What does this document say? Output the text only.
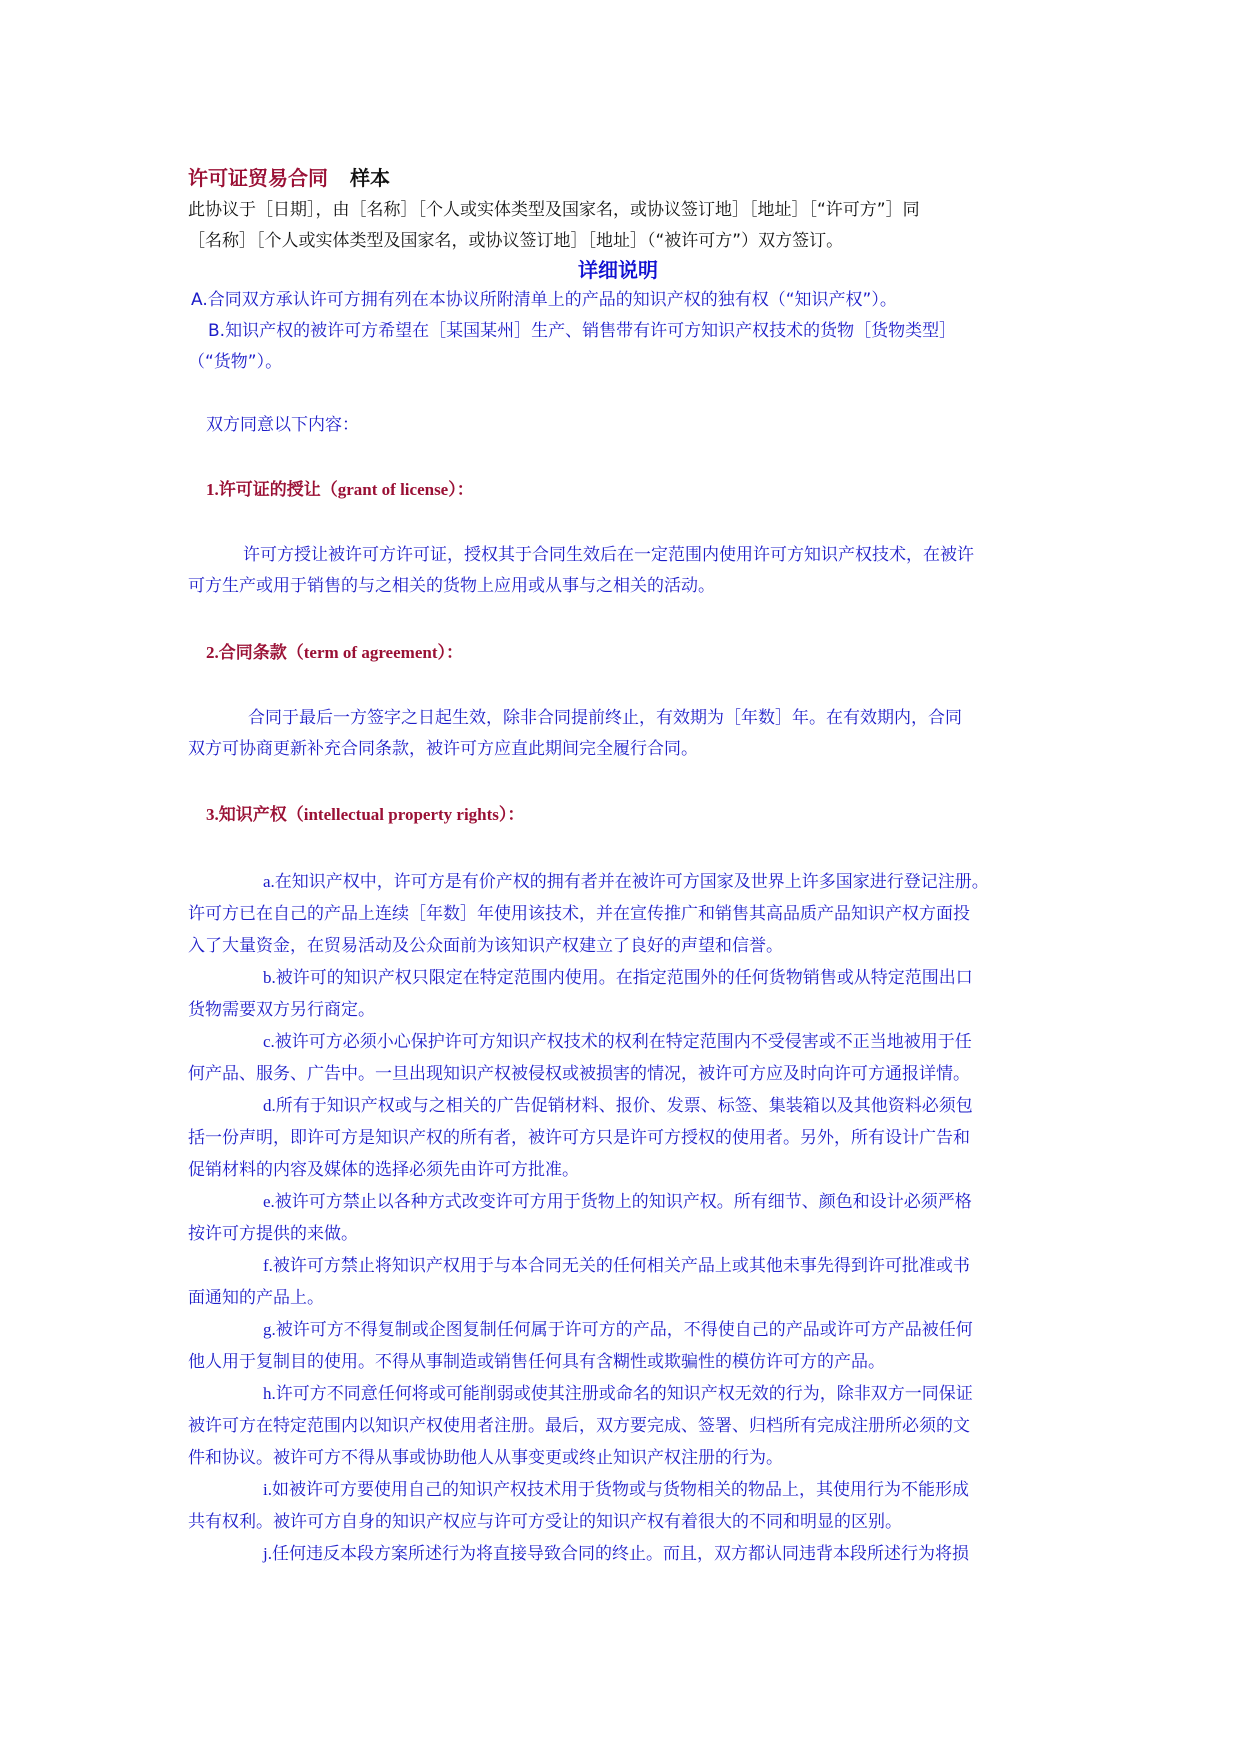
许可证贸易合同 样本
此协议于［日期］，由［名称］［个人或实体类型及国家名，或协议签订地］［地址］［“许可方”］同
［名称］［个人或实体类型及国家名，或协议签订地］［地址］（“被许可方”）双方签订。
详细说明
A.合同双方承认许可方拥有列在本协议所附清单上的产品的知识产权的独有权（“知识产权”）。
B.知识产权的被许可方希望在［某国某州］生产、销售带有许可方知识产权技术的货物［货物类型］
（“货物”）。
双方同意以下内容：
1.许可证的授让（grant of license）：
许可方授让被许可方许可证，授权其于合同生效后在一定范围内使用许可方知识产权技术，在被许
可方生产或用于销售的与之相关的货物上应用或从事与之相关的活动。
2.合同条款（term of agreement）：
合同于最后一方签字之日起生效，除非合同提前终止，有效期为［年数］年。在有效期内，合同
双方可协商更新补充合同条款，被许可方应直此期间完全履行合同。
3.知识产权（intellectual property rights）：
a.在知识产权中，许可方是有价产权的拥有者并在被许可方国家及世界上许多国家进行登记注册。
许可方已在自己的产品上连续［年数］年使用该技术，并在宣传推广和销售其高品质产品知识产权方面投
入了大量资金，在贸易活动及公众面前为该知识产权建立了良好的声望和信誉。
b.被许可的知识产权只限定在特定范围内使用。在指定范围外的任何货物销售或从特定范围出口
货物需要双方另行商定。
c.被许可方必须小心保护许可方知识产权技术的权利在特定范围内不受侵害或不正当地被用于任
何产品、服务、广告中。一旦出现知识产权被侵权或被损害的情况，被许可方应及时向许可方通报详情。
d.所有于知识产权或与之相关的广告促销材料、报价、发票、标签、集装箱以及其他资料必须包
括一份声明，即许可方是知识产权的所有者，被许可方只是许可方授权的使用者。另外，所有设计广告和
促销材料的内容及媒体的选择必须先由许可方批准。
e.被许可方禁止以各种方式改变许可方用于货物上的知识产权。所有细节、颜色和设计必须严格
按许可方提供的来做。
f.被许可方禁止将知识产权用于与本合同无关的任何相关产品上或其他未事先得到许可批准或书
面通知的产品上。
g.被许可方不得复制或企图复制任何属于许可方的产品，不得使自己的产品或许可方产品被任何
他人用于复制目的使用。不得从事制造或销售任何具有含糊性或欺骗性的模仿许可方的产品。
h.许可方不同意任何将或可能削弱或使其注册或命名的知识产权无效的行为，除非双方一同保证
被许可方在特定范围内以知识产权使用者注册。最后，双方要完成、签署、归档所有完成注册所必须的文
件和协议。被许可方不得从事或协助他人从事变更或终止知识产权注册的行为。
i.如被许可方要使用自己的知识产权技术用于货物或与货物相关的物品上，其使用行为不能形成
共有权利。被许可方自身的知识产权应与许可方受让的知识产权有着很大的不同和明显的区别。
j.任何违反本段方案所述行为将直接导致合同的终止。而且，双方都认同违背本段所述行为将损
